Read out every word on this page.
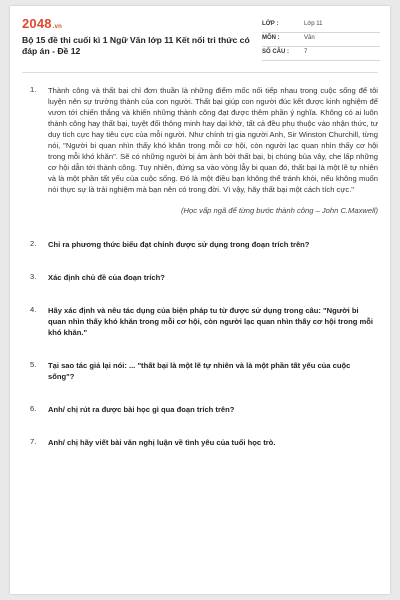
2048.vn
Bộ 15 đề thi cuối kì 1 Ngữ Văn lớp 11 Kết nối tri thức có đáp án - Đề 12
LỚP :	Lớp 11
MÔN :	Văn
SỐ CÂU :	7
1. Thành công và thất bại chỉ đơn thuần là những điểm mốc nối tiếp nhau trong cuộc sống để tôi luyện nên sự trưởng thành của con người. Thất bại giúp con người đúc kết được kinh nghiệm để vươn tới chiến thắng và khiến những thành công đạt được thêm phần ý nghĩa. Không có ai luôn thành công hay thất bại, tuyệt đối thông minh hay dại khờ, tất cả đều phụ thuộc vào nhận thức, tư duy tích cực hay tiêu cực của mỗi người. Như chính trị gia người Anh, Sir Winston Churchill, từng nói, "Người bi quan nhìn thấy khó khăn trong mỗi cơ hội, còn người lạc quan nhìn thấy cơ hội trong mỗi khó khăn". Sẽ có những người bị ám ảnh bởi thất bại, bị chúng bủa vây, che lấp những cơ hội dẫn tới thành công. Tuy nhiên, đứng sa vào vòng lẫy bi quan đó, thất bại là một lẽ tự nhiên và là một phần tất yếu của cuộc sống. Đó là một điều bạn không thể tránh khỏi, nếu không muốn nói thực sự là trải nghiệm mà bạn nên có trong đời. Vì vậy, hãy thất bại một cách tích cực."
(Học vấp ngã để từng bước thành công – John C.Maxwell)
2. Chỉ ra phương thức biểu đạt chính được sử dụng trong đoạn trích trên?
3. Xác định chủ đề của đoạn trích?
4. Hãy xác định và nêu tác dụng của biện pháp tu từ được sử dụng trong câu: "Người bi quan nhìn thấy khó khăn trong mỗi cơ hội, còn người lạc quan nhìn thấy cơ hội trong mỗi khó khăn."
5. Tại sao tác giả lại nói: ... "thất bại là một lẽ tự nhiên và là một phần tất yếu của cuộc sống"?
6. Anh/ chị rút ra được bài học gì qua đoạn trích trên?
7. Anh/ chị hãy viết bài văn nghị luận về tình yêu của tuổi học trò.
